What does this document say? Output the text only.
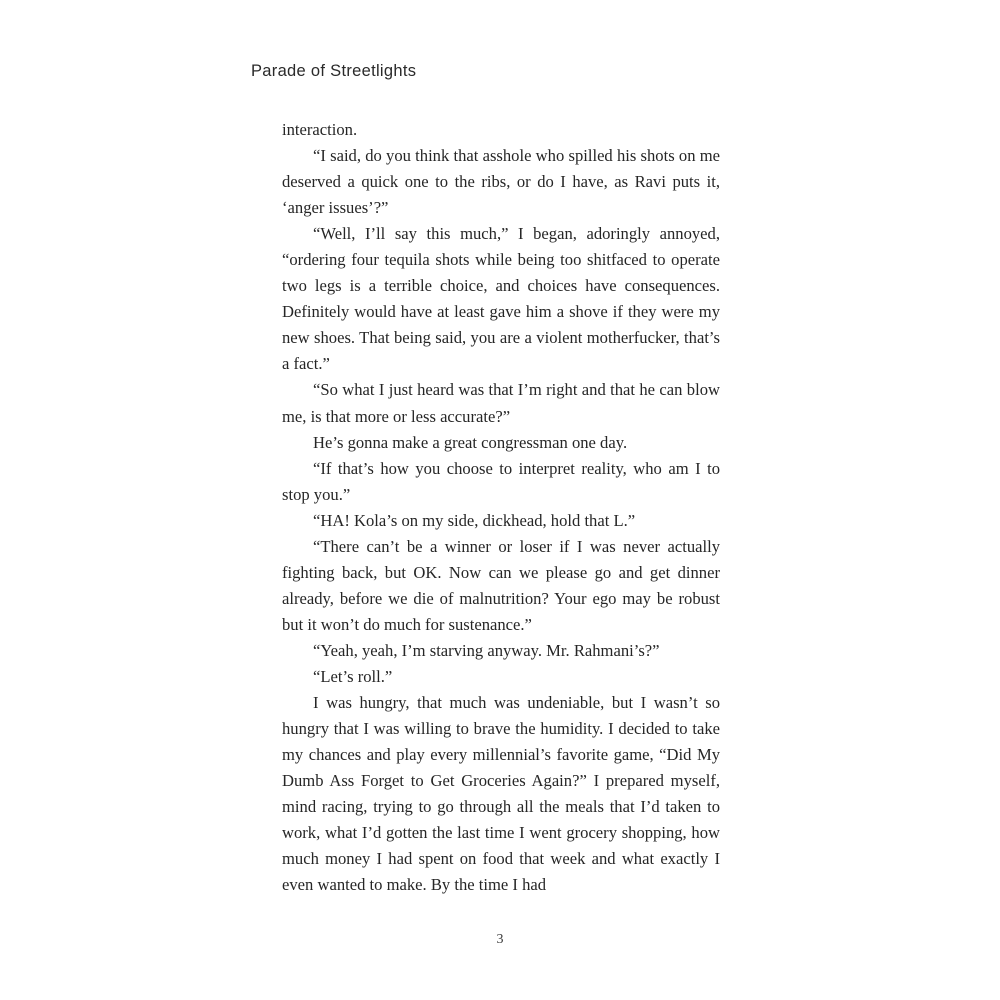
Parade of Streetlights

interaction.

“I said, do you think that asshole who spilled his shots on me deserved a quick one to the ribs, or do I have, as Ravi puts it, ‘anger issues’?”

“Well, I’ll say this much,” I began, adoringly annoyed, “ordering four tequila shots while being too shitfaced to operate two legs is a terrible choice, and choices have consequences. Definitely would have at least gave him a shove if they were my new shoes. That being said, you are a violent motherfucker, that’s a fact.”

“So what I just heard was that I’m right and that he can blow me, is that more or less accurate?”

He’s gonna make a great congressman one day.

“If that’s how you choose to interpret reality, who am I to stop you.”

“HA! Kola’s on my side, dickhead, hold that L.”

“There can’t be a winner or loser if I was never actually fighting back, but OK. Now can we please go and get dinner already, before we die of malnutrition? Your ego may be robust but it won’t do much for sustenance.”

“Yeah, yeah, I’m starving anyway. Mr. Rahmani’s?”

“Let’s roll.”

I was hungry, that much was undeniable, but I wasn’t so hungry that I was willing to brave the humidity. I decided to take my chances and play every millennial’s favorite game, “Did My Dumb Ass Forget to Get Groceries Again?” I prepared myself, mind racing, trying to go through all the meals that I’d taken to work, what I’d gotten the last time I went grocery shopping, how much money I had spent on food that week and what exactly I even wanted to make. By the time I had

3
